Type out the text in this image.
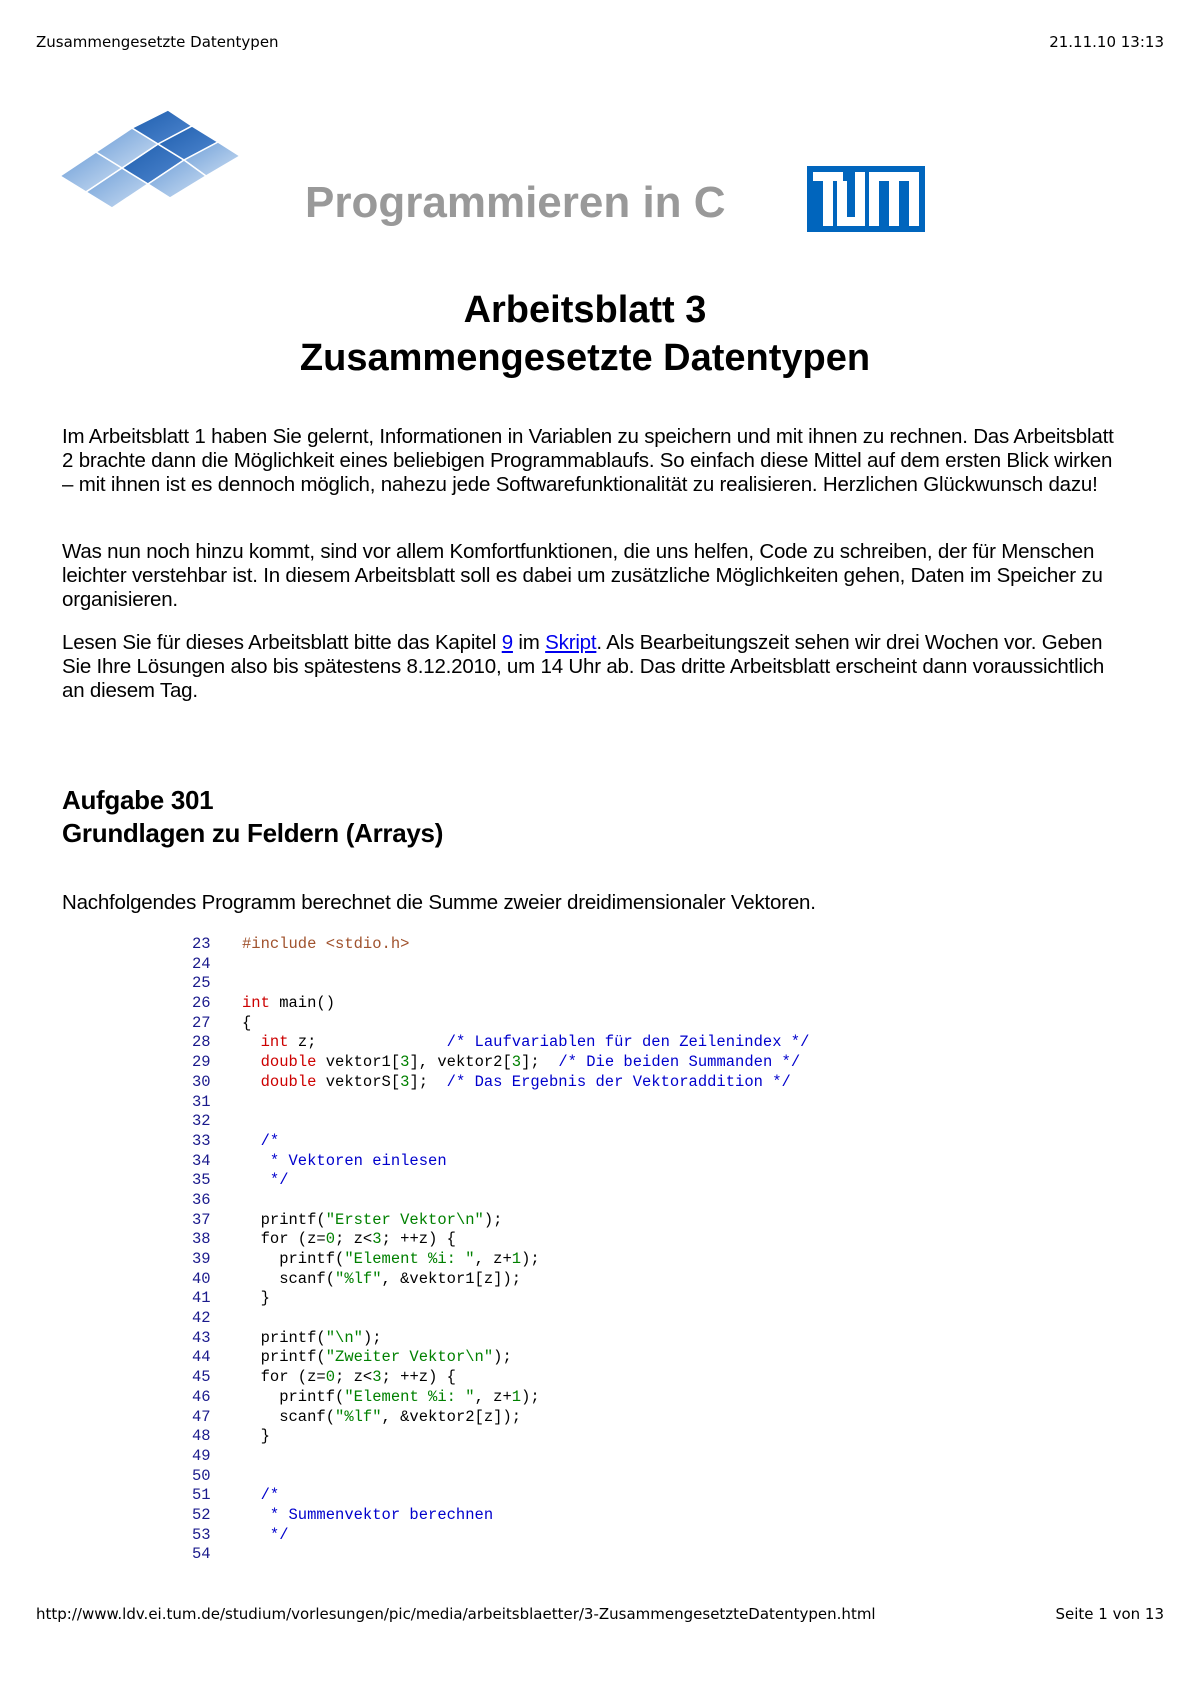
Zusammengesetzte Datentypen	21.11.10 13:13
Programmieren in C
Arbeitsblatt 3
Zusammengesetzte Datentypen
Im Arbeitsblatt 1 haben Sie gelernt, Informationen in Variablen zu speichern und mit ihnen zu rechnen. Das Arbeitsblatt 2 brachte dann die Möglichkeit eines beliebigen Programmablaufs. So einfach diese Mittel auf dem ersten Blick wirken – mit ihnen ist es dennoch möglich, nahezu jede Softwarefunktionalität zu realisieren. Herzlichen Glückwunsch dazu!
Was nun noch hinzu kommt, sind vor allem Komfortfunktionen, die uns helfen, Code zu schreiben, der für Menschen leichter verstehbar ist. In diesem Arbeitsblatt soll es dabei um zusätzliche Möglichkeiten gehen, Daten im Speicher zu organisieren.
Lesen Sie für dieses Arbeitsblatt bitte das Kapitel 9 im Skript. Als Bearbeitungszeit sehen wir drei Wochen vor. Geben Sie Ihre Lösungen also bis spätestens 8.12.2010, um 14 Uhr ab. Das dritte Arbeitsblatt erscheint dann voraussichtlich an diesem Tag.
Aufgabe 301
Grundlagen zu Feldern (Arrays)
Nachfolgendes Programm berechnet die Summe zweier dreidimensionaler Vektoren.
23 #include <stdio.h>
24
25
26 int main()
27 {
28	int z;              /* Laufvariablen für den Zeilenindex */
29	double vektor1[3], vektor2[3];  /* Die beiden Summanden */
30	double vektorS[3];  /* Das Ergebnis der Vektoraddition */
31
32
33	/*
34	* Vektoren einlesen
35	*/
36
37  printf("Erster Vektor\n");
38  for (z=0; z<3; ++z) {
39    printf("Element %i: ", z+1);
40    scanf("%lf", &vektor1[z]);
41  }
42
43  printf("\n");
44  printf("Zweiter Vektor\n");
45  for (z=0; z<3; ++z) {
46    printf("Element %i: ", z+1);
47    scanf("%lf", &vektor2[z]);
48  }
49
50
51	/*
52	* Summenvektor berechnen
53	*/
54
http://www.ldv.ei.tum.de/studium/vorlesungen/pic/media/arbeitsblaetter/3-ZusammengesetzteDatentypen.html	Seite 1 von 13
